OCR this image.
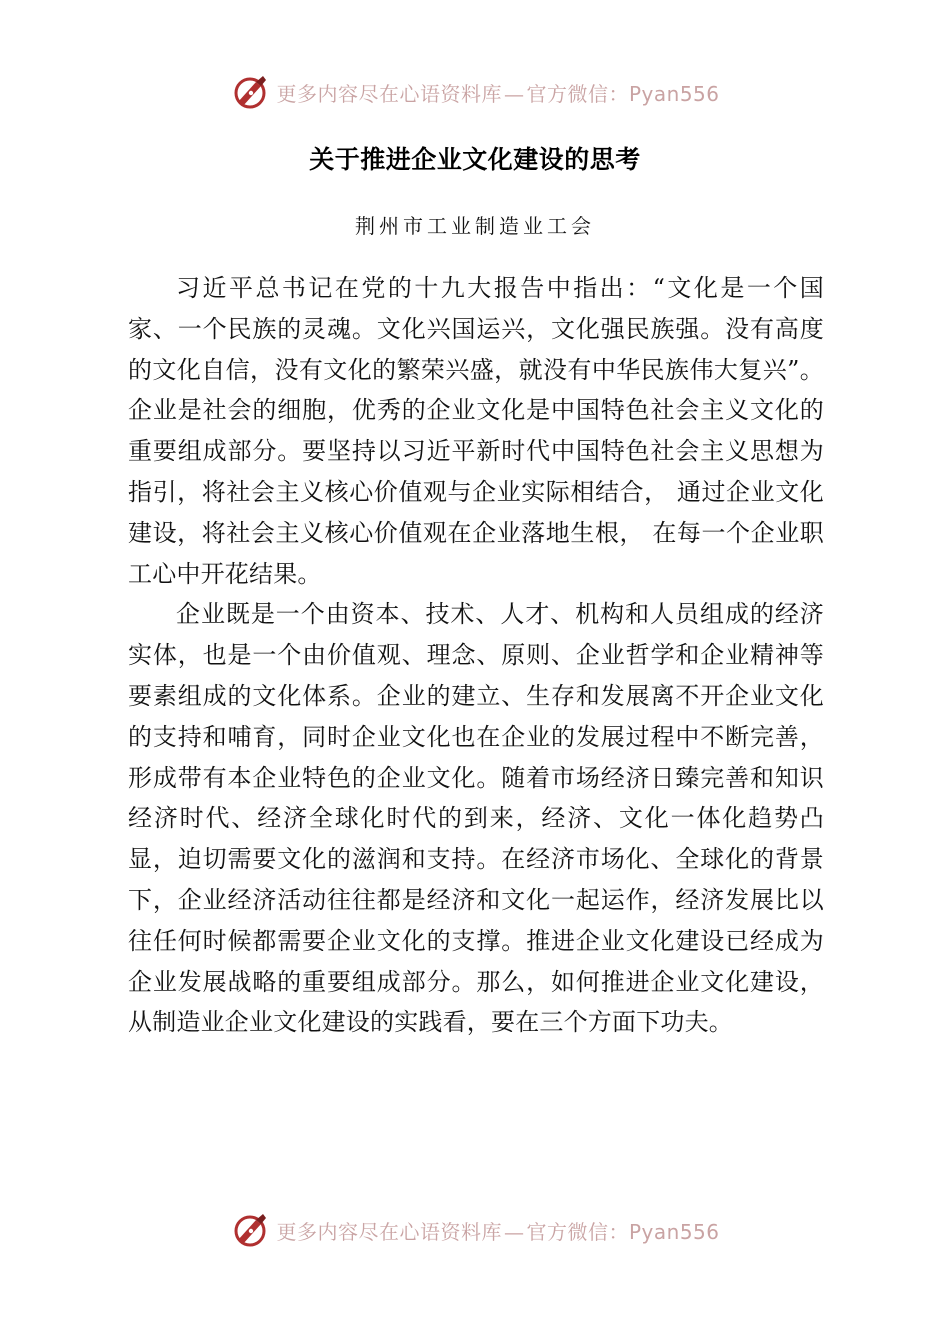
更多内容尽在心语资料库 — 官方微信：Pyan556
关于推进企业文化建设的思考
荆州市工业制造业工会

习近平总书记在党的十九大报告中指出：“文化是一个国 家、一个民族的灵魂。文化兴国运兴，文化强民族强。没有高度的文化自信，没有文化的繁荣兴盛，就没有中华民族伟大复兴”。企业是社会的细胞，优秀的企业文化是中国特色社会主义文化的重要组成部分。要坚持以习近平新时代中国特色社会主义思想为指引，将社会主义核心价值观与企业实际相结合， 通过企业文化建设，将社会主义核心价值观在企业落地生根， 在每一个企业职工心中开花结果。

企业既是一个由资本、技术、人才、机构和人员组成的经济实体，也是一个由价值观、理念、原则、企业哲学和企业精神等要素组成的文化体系。企业的建立、生存和发展离不开企业文化的支持和哺育，同时企业文化也在企业的发展过程中不断完善，形成带有本企业特色的企业文化。随着市场经济日臻完善和知识经济时代、经济全球化时代的到来，经济、文化一体化趋势凸显，迫切需要文化的滋润和支持。在经济市场化、全球化的背景下，企业经济活动往往都是经济和文化一起运作，经济发展比以往任何时候都需要企业文化的支撑。推进企业文化建设已经成为企业发展战略的重要组成部分。那么，如何推进企业文化建设，从制造业企业文化建设的实践看，要在三个方面下功夫。

更多内容尽在心语资料库 — 官方微信：Pyan556
